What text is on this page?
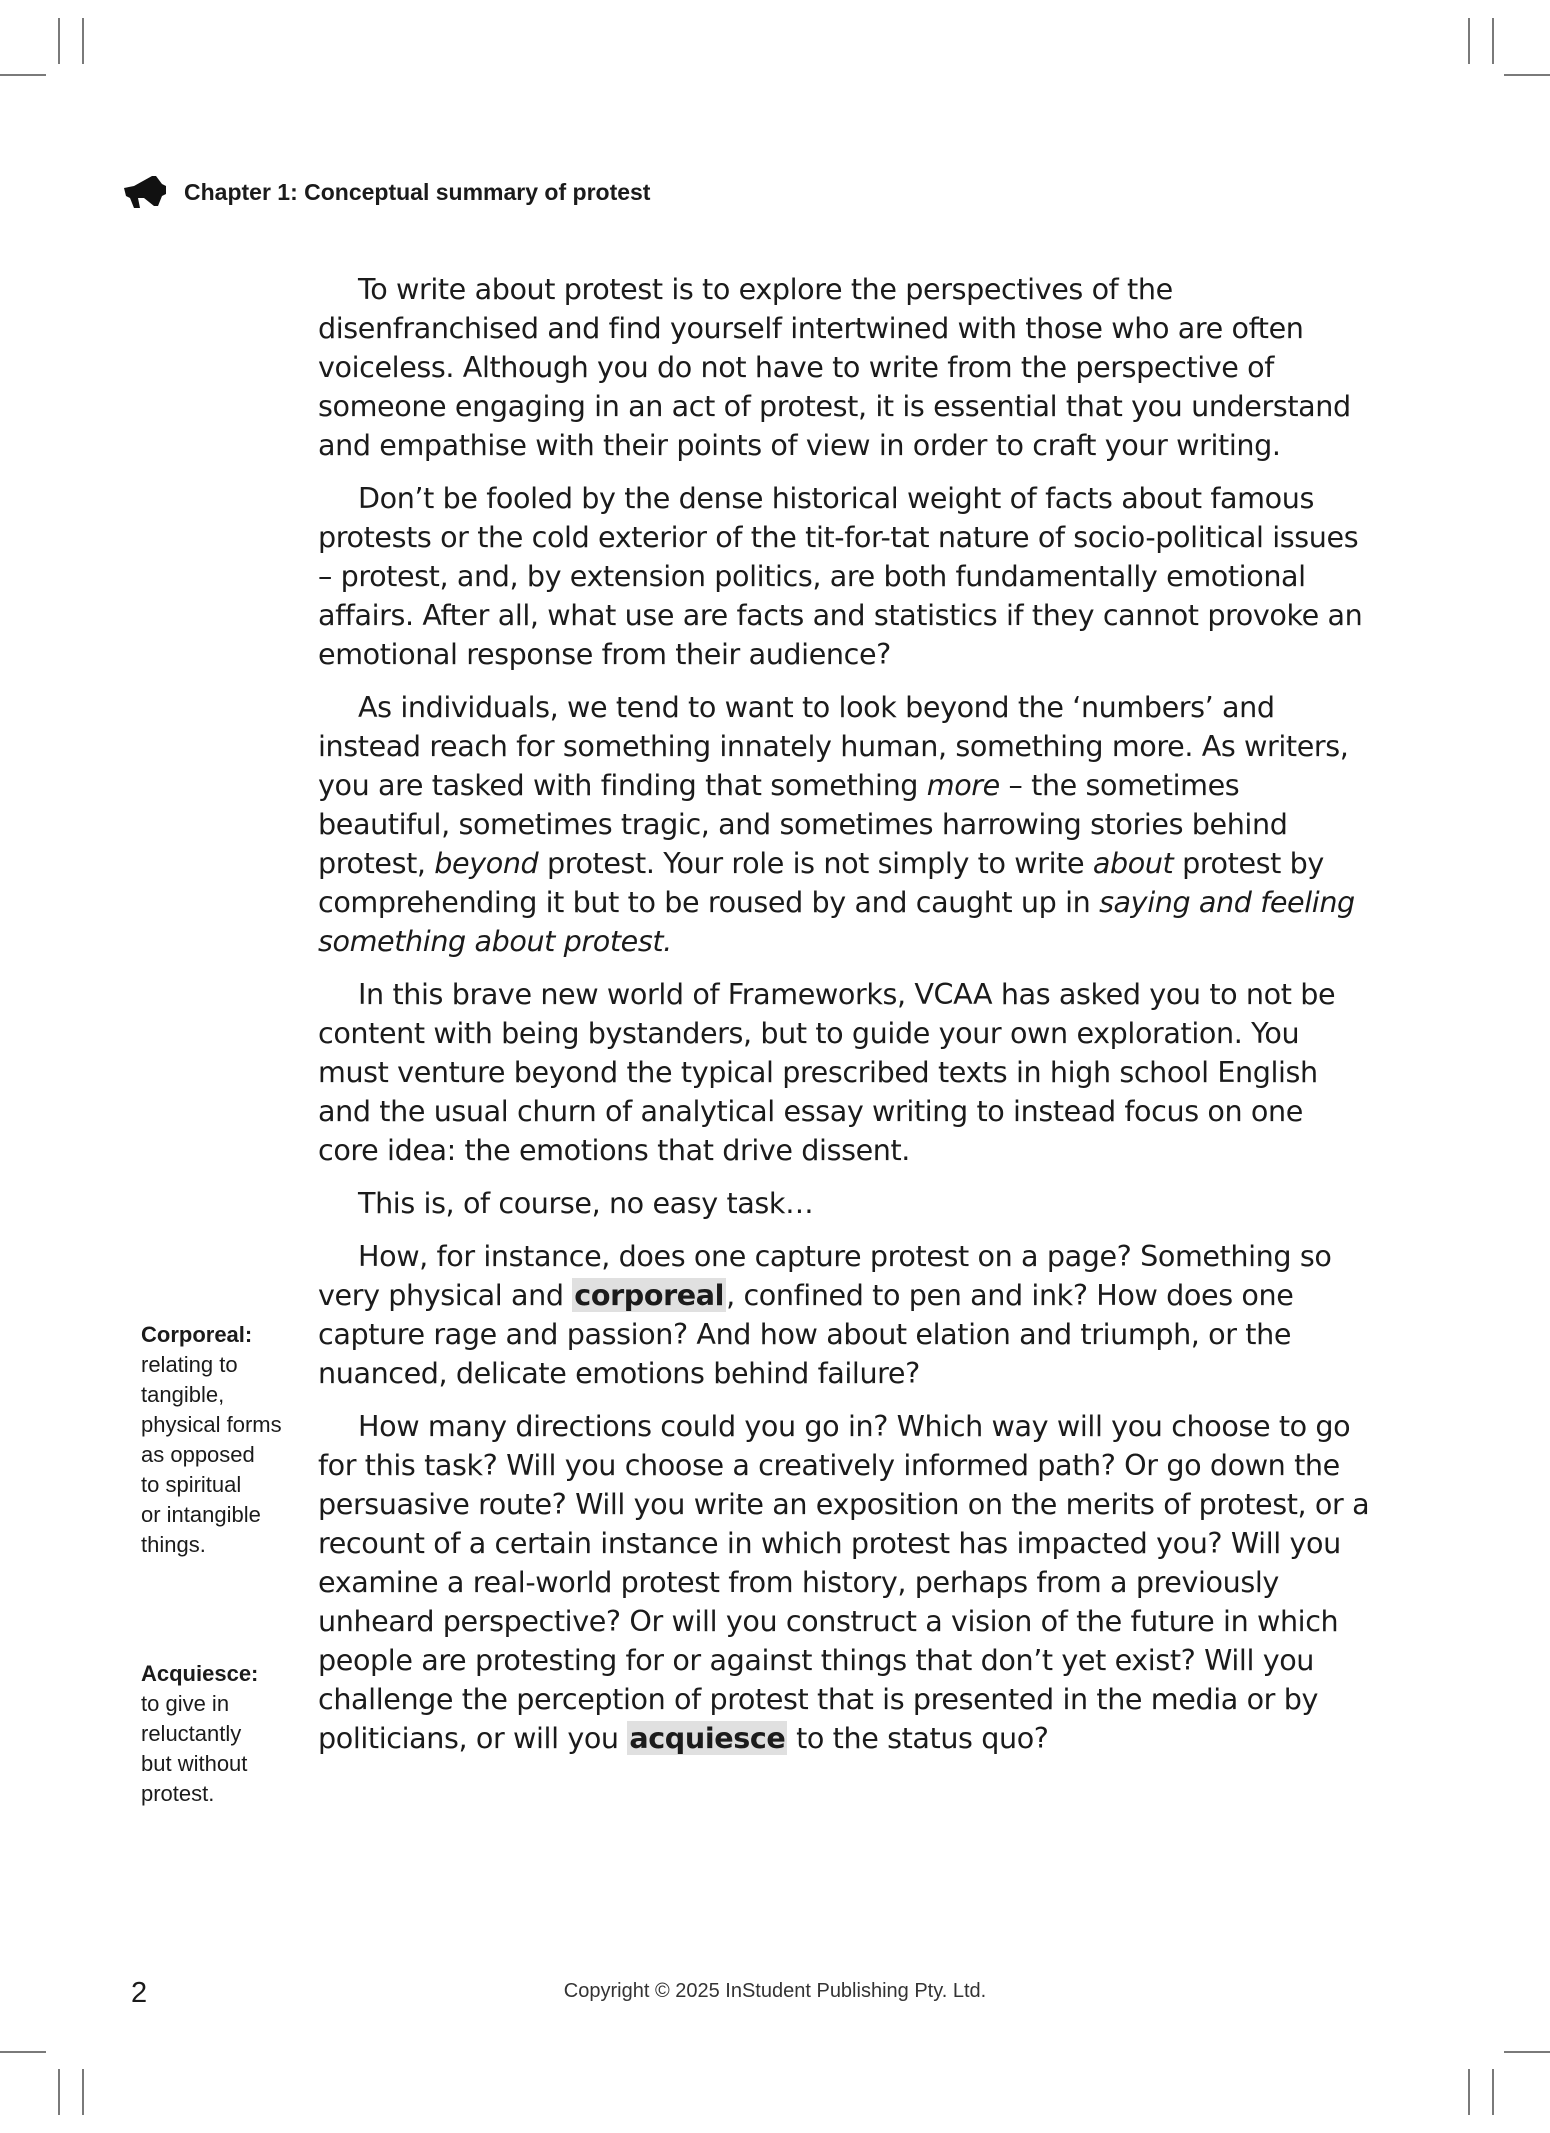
Chapter 1: Conceptual summary of protest

To write about protest is to explore the perspectives of the disenfranchised and find yourself intertwined with those who are often voiceless. Although you do not have to write from the perspective of someone engaging in an act of protest, it is essential that you understand and empathise with their points of view in order to craft your writing.

Don’t be fooled by the dense historical weight of facts about famous protests or the cold exterior of the tit-for-tat nature of socio-political issues – protest, and, by extension politics, are both fundamentally emotional affairs. After all, what use are facts and statistics if they cannot provoke an emotional response from their audience?

As individuals, we tend to want to look beyond the ‘numbers’ and instead reach for something innately human, something more. As writers, you are tasked with finding that something more – the sometimes beautiful, sometimes tragic, and sometimes harrowing stories behind protest, beyond protest. Your role is not simply to write about protest by comprehending it but to be roused by and caught up in saying and feeling something about protest.

In this brave new world of Frameworks, VCAA has asked you to not be content with being bystanders, but to guide your own exploration. You must venture beyond the typical prescribed texts in high school English and the usual churn of analytical essay writing to instead focus on one core idea: the emotions that drive dissent.

This is, of course, no easy task…

How, for instance, does one capture protest on a page? Something so very physical and corporeal, confined to pen and ink? How does one capture rage and passion? And how about elation and triumph, or the nuanced, delicate emotions behind failure?

How many directions could you go in? Which way will you choose to go for this task? Will you choose a creatively informed path? Or go down the persuasive route? Will you write an exposition on the merits of protest, or a recount of a certain instance in which protest has impacted you? Will you examine a real-world protest from history, perhaps from a previously unheard perspective? Or will you construct a vision of the future in which people are protesting for or against things that don’t yet exist? Will you challenge the perception of protest that is presented in the media or by politicians, or will you acquiesce to the status quo?

Corporeal:
relating to
tangible,
physical forms
as opposed
to spiritual
or intangible
things.
Acquiesce:
to give in
reluctantly
but without
protest.
2	Copyright © 2025 InStudent Publishing Pty. Ltd.
